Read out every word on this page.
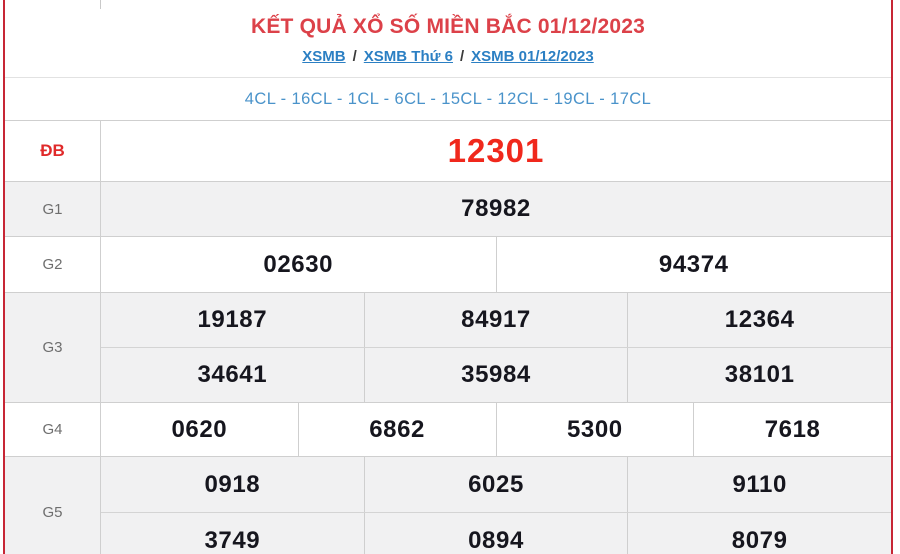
KẾT QUẢ XỔ SỐ MIỀN BẮC 01/12/2023
XSMB / XSMB Thứ 6 / XSMB 01/12/2023
4CL - 16CL - 1CL - 6CL - 15CL - 12CL - 19CL - 17CL
ĐB	12301
G1	78982
G2	02630	94374
G3
19187	84917	12364
34641	35984	38101
G4	0620	6862	5300	7618
G5
0918	6025	9110
3749	0894	8079
